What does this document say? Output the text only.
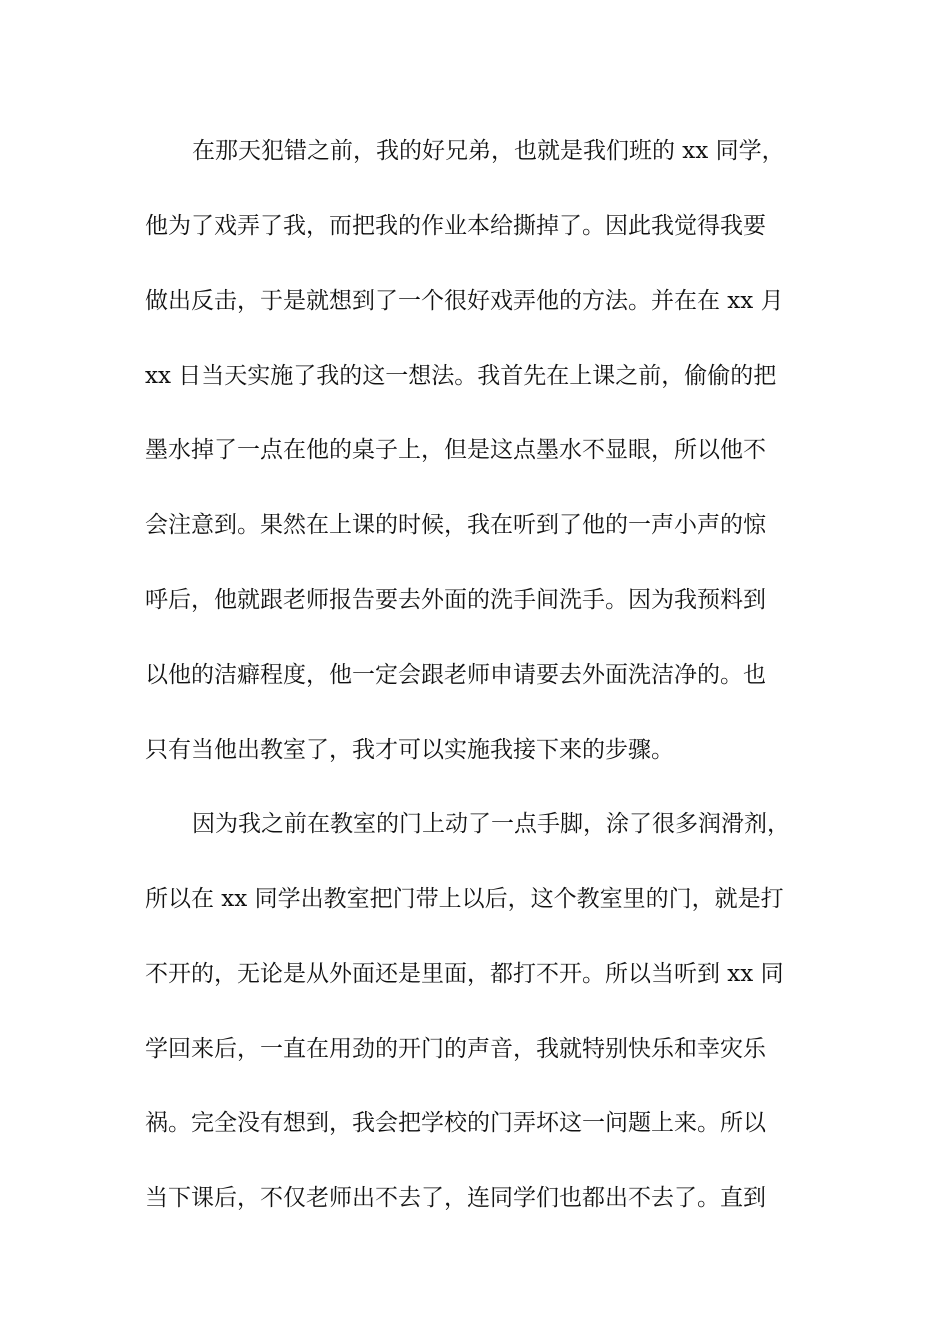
在那天犯错之前，我的好兄弟，也就是我们班的 xx 同学，
他为了戏弄了我，而把我的作业本给撕掉了。因此我觉得我要
做出反击，于是就想到了一个很好戏弄他的方法。并在在 xx 月
xx 日当天实施了我的这一想法。我首先在上课之前，偷偷的把
墨水掉了一点在他的桌子上，但是这点墨水不显眼，所以他不
会注意到。果然在上课的时候，我在听到了他的一声小声的惊
呼后，他就跟老师报告要去外面的洗手间洗手。因为我预料到
以他的洁癖程度，他一定会跟老师申请要去外面洗洁净的。也
只有当他出教室了，我才可以实施我接下来的步骤。
因为我之前在教室的门上动了一点手脚，涂了很多润滑剂，
所以在 xx 同学出教室把门带上以后，这个教室里的门，就是打
不开的，无论是从外面还是里面，都打不开。所以当听到 xx 同
学回来后，一直在用劲的开门的声音，我就特别快乐和幸灾乐
祸。完全没有想到，我会把学校的门弄坏这一问题上来。所以
当下课后，不仅老师出不去了，连同学们也都出不去了。直到
